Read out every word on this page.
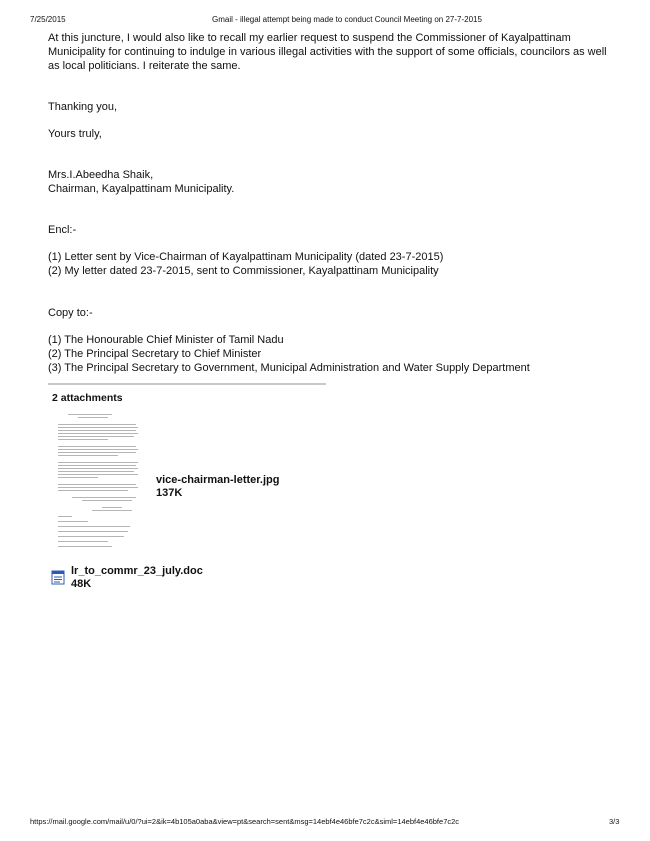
7/25/2015	Gmail - illegal attempt being made to conduct Council Meeting on 27-7-2015

At this juncture, I would also like to recall my earlier request to suspend the Commissioner of Kayalpattinam Municipality for continuing to indulge in various illegal activities with the support of some officials, councilors as well as local politicians. I reiterate the same.

Thanking you,

Yours truly,

Mrs.I.Abeedha Shaik,
Chairman, Kayalpattinam Municipality.

Encl:-

(1) Letter sent by Vice-Chairman of Kayalpattinam Municipality (dated 23-7-2015)
(2) My letter dated 23-7-2015, sent to Commissioner, Kayalpattinam Municipality

Copy to:-

(1) The Honourable Chief Minister of Tamil Nadu
(2) The Principal Secretary to Chief Minister
(3) The Principal Secretary to Government, Municipal Administration and Water Supply Department
2 attachments
vice-chairman-letter.jpg
137K
lr_to_commr_23_july.doc
48K
https://mail.google.com/mail/u/0/?ui=2&ik=4b105a0aba&view=pt&search=sent&msg=14ebf4e46bfe7c2c&siml=14ebf4e46bfe7c2c	3/3
